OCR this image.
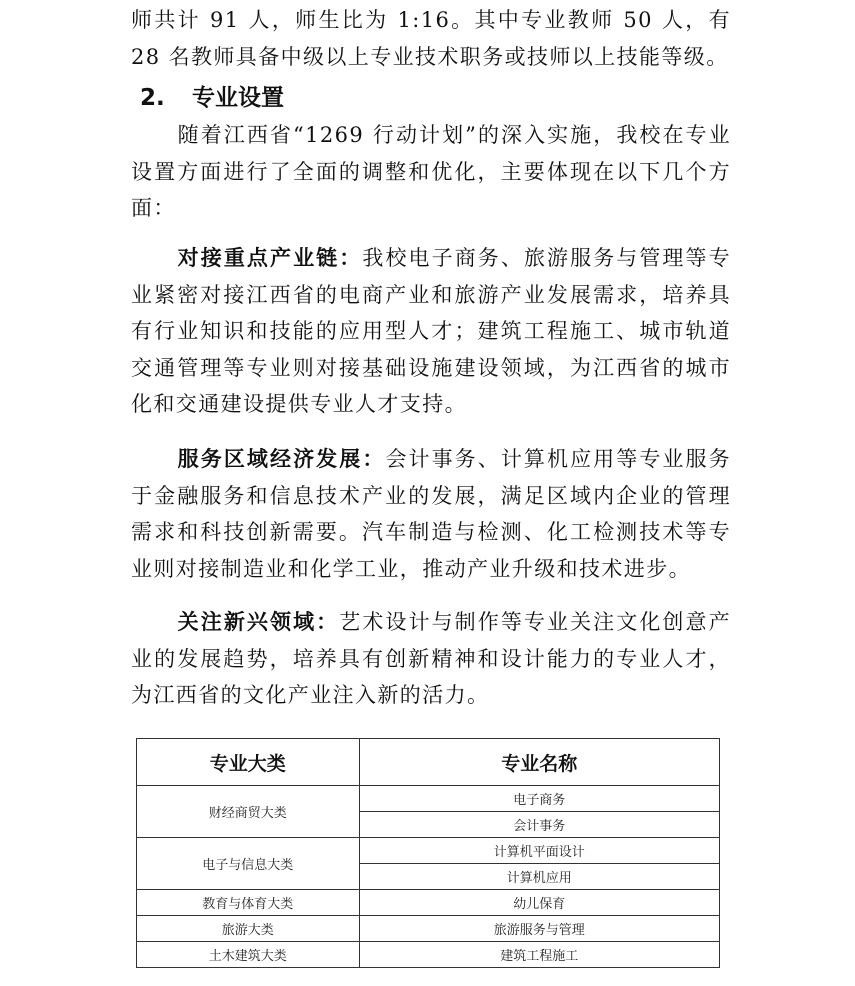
师共计 91 人，师生比为 1:16。其中专业教师 50 人，有 28 名教师具备中级以上专业技术职务或技师以上技能等级。

2. 专业设置

随着江西省“1269 行动计划”的深入实施，我校在专业设置方面进行了全面的调整和优化，主要体现在以下几个方面：

对接重点产业链：我校电子商务、旅游服务与管理等专业紧密对接江西省的电商产业和旅游产业发展需求，培养具有行业知识和技能的应用型人才；建筑工程施工、城市轨道交通管理等专业则对接基础设施建设领域，为江西省的城市化和交通建设提供专业人才支持。

服务区域经济发展：会计事务、计算机应用等专业服务于金融服务和信息技术产业的发展，满足区域内企业的管理需求和科技创新需要。汽车制造与检测、化工检测技术等专业则对接制造业和化学工业，推动产业升级和技术进步。

关注新兴领域：艺术设计与制作等专业关注文化创意产业的发展趋势，培养具有创新精神和设计能力的专业人才，为江西省的文化产业注入新的活力。

专业大类	专业名称
财经商贸大类	电子商务
	会计事务
电子与信息大类	计算机平面设计
	计算机应用
教育与体育大类	幼儿保育
旅游大类	旅游服务与管理
土木建筑大类	建筑工程施工
